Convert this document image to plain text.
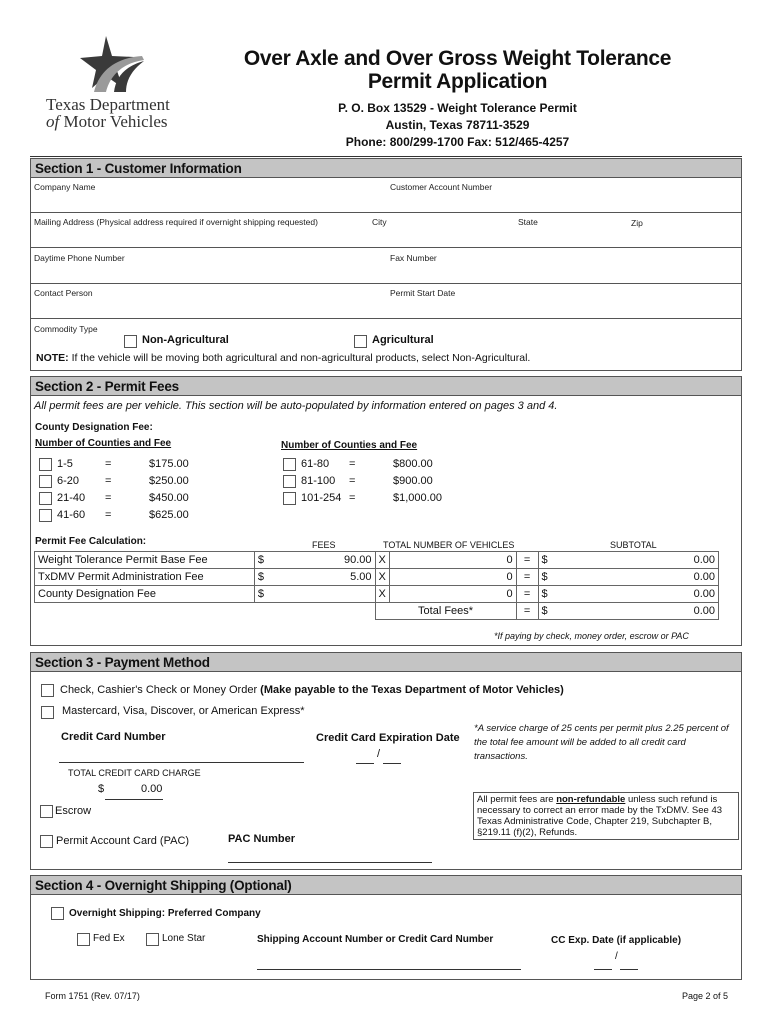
Texas Department
of Motor Vehicles
Over Axle and Over Gross Weight Tolerance
Permit Application
P. O. Box 13529 - Weight Tolerance Permit
Austin, Texas 78711-3529
Phone: 800/299-1700 Fax: 512/465-4257
Section 1 - Customer Information
Company Name	Customer Account Number
Mailing Address (Physical address required if overnight shipping requested)	City	State	Zip
Daytime Phone Number	Fax Number
Contact Person	Permit Start Date
Commodity Type
Non-Agricultural	Agricultural
NOTE: If the vehicle will be moving both agricultural and non-agricultural products, select Non-Agricultural.
Section 2 - Permit Fees
All permit fees are per vehicle. This section will be auto-populated by information entered on pages 3 and 4.
County Designation Fee:
Number of Counties and Fee	Number of Counties and Fee
1-5	=	$175.00
6-20 =	$250.00
21-40 =	$450.00
41-60 =	$625.00
61-80 =	$800.00
81-100 =	$900.00
101-254 =	$1,000.00
Permit Fee Calculation:	FEES	TOTAL NUMBER OF VEHICLES	SUBTOTAL
Weight Tolerance Permit Base Fee	$	90.00	X	0	=	$	0.00
TxDMV Permit Administration Fee	$	5.00	X	0	=	$	0.00
County Designation Fee	$		X	0	=	$	0.00
			Total Fees*		=	$	0.00
*If paying by check, money order, escrow or PAC
Section 3 - Payment Method
Check, Cashier's Check or Money Order (Make payable to the Texas Department of Motor Vehicles)
Mastercard, Visa, Discover, or American Express*
Credit Card Number	Credit Card Expiration Date
/
*A service charge of 25 cents per permit plus 2.25 percent of the total fee amount will be added to all credit card transactions.
TOTAL CREDIT CARD CHARGE
$	0.00
Escrow
Permit Account Card (PAC)	PAC Number
All permit fees are non-refundable unless such refund is necessary to correct an error made by the TxDMV. See 43 Texas Administrative Code, Chapter 219, Subchapter B, §219.11 (f)(2), Refunds.
Section 4 - Overnight Shipping (Optional)
Overnight Shipping: Preferred Company
Fed Ex	Lone Star	Shipping Account Number or Credit Card Number	CC Exp. Date (if applicable)
/
Form 1751 (Rev. 07/17)	Page 2 of 5
